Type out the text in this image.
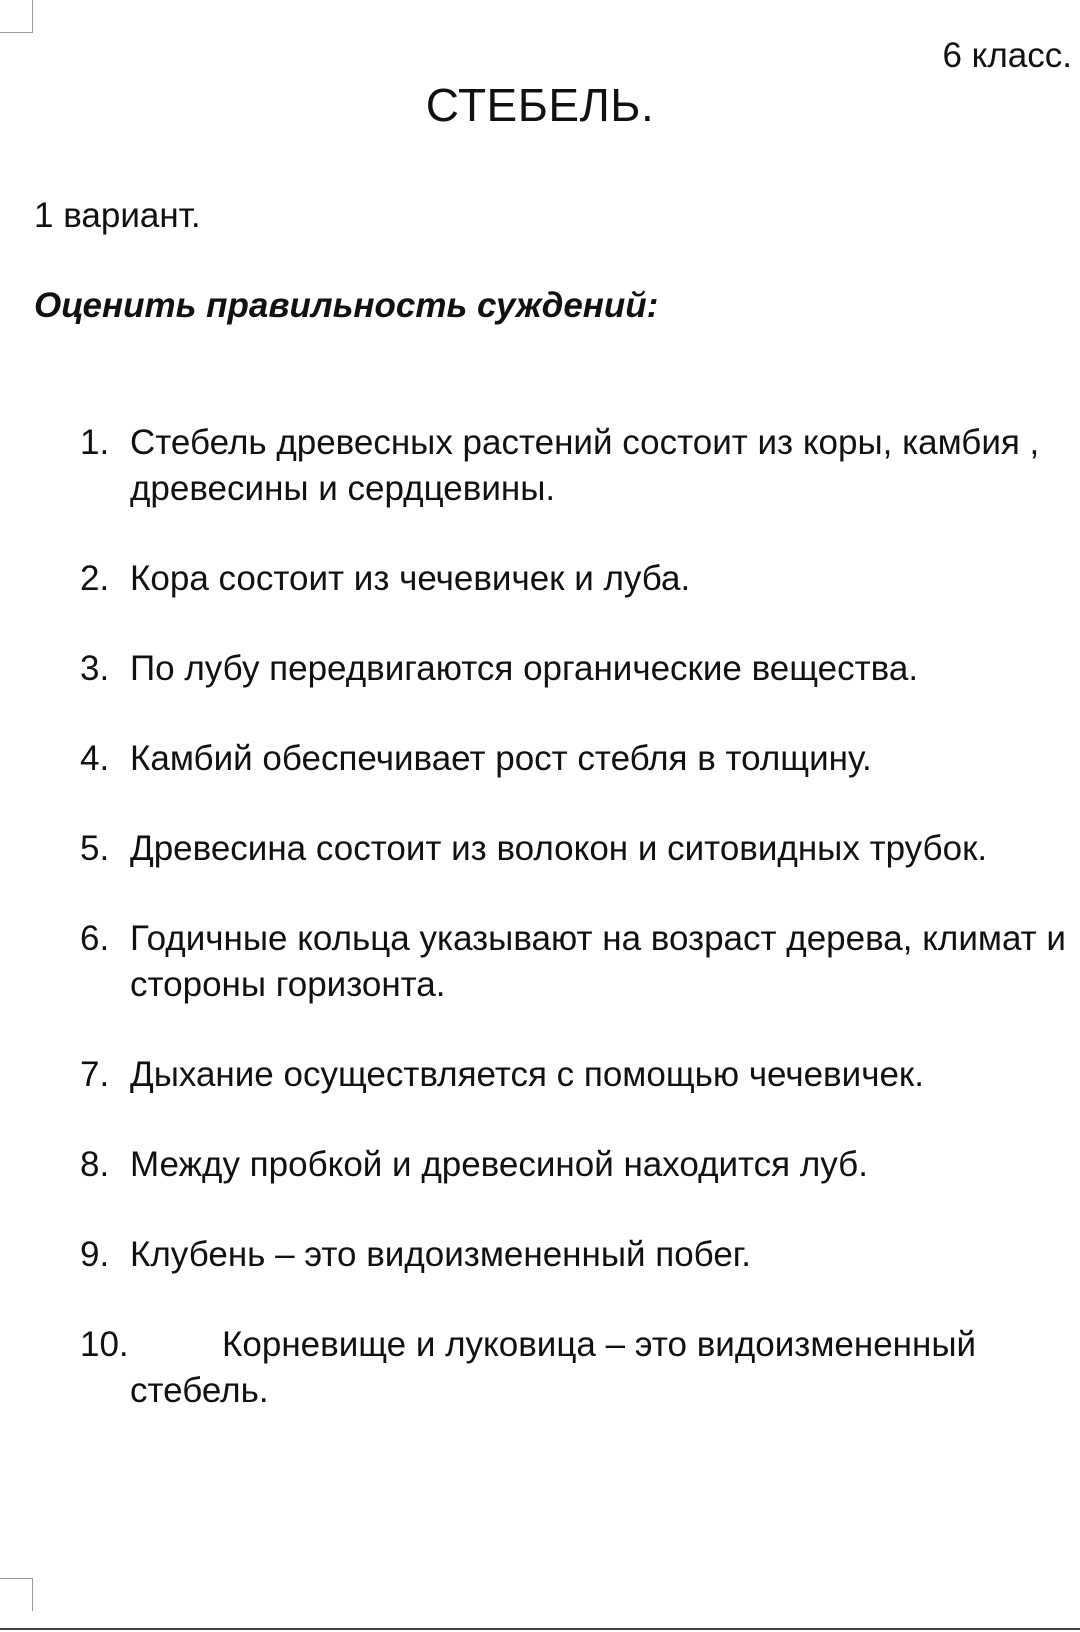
6 класс.
СТЕБЕЛЬ.
1 вариант.
Оценить правильность суждений:
1. Стебель древесных растений состоит из коры, камбия , древесины и сердцевины.
2. Кора состоит из чечевичек и луба.
3. По лубу передвигаются органические вещества.
4. Камбий обеспечивает рост стебля в толщину.
5. Древесина состоит из волокон и ситовидных трубок.
6. Годичные кольца указывают на возраст дерева, климат и стороны горизонта.
7. Дыхание осуществляется с помощью чечевичек.
8. Между пробкой и древесиной находится луб.
9. Клубень – это видоизмененный побег.
10.	Корневище и луковица – это видоизмененный стебель.
